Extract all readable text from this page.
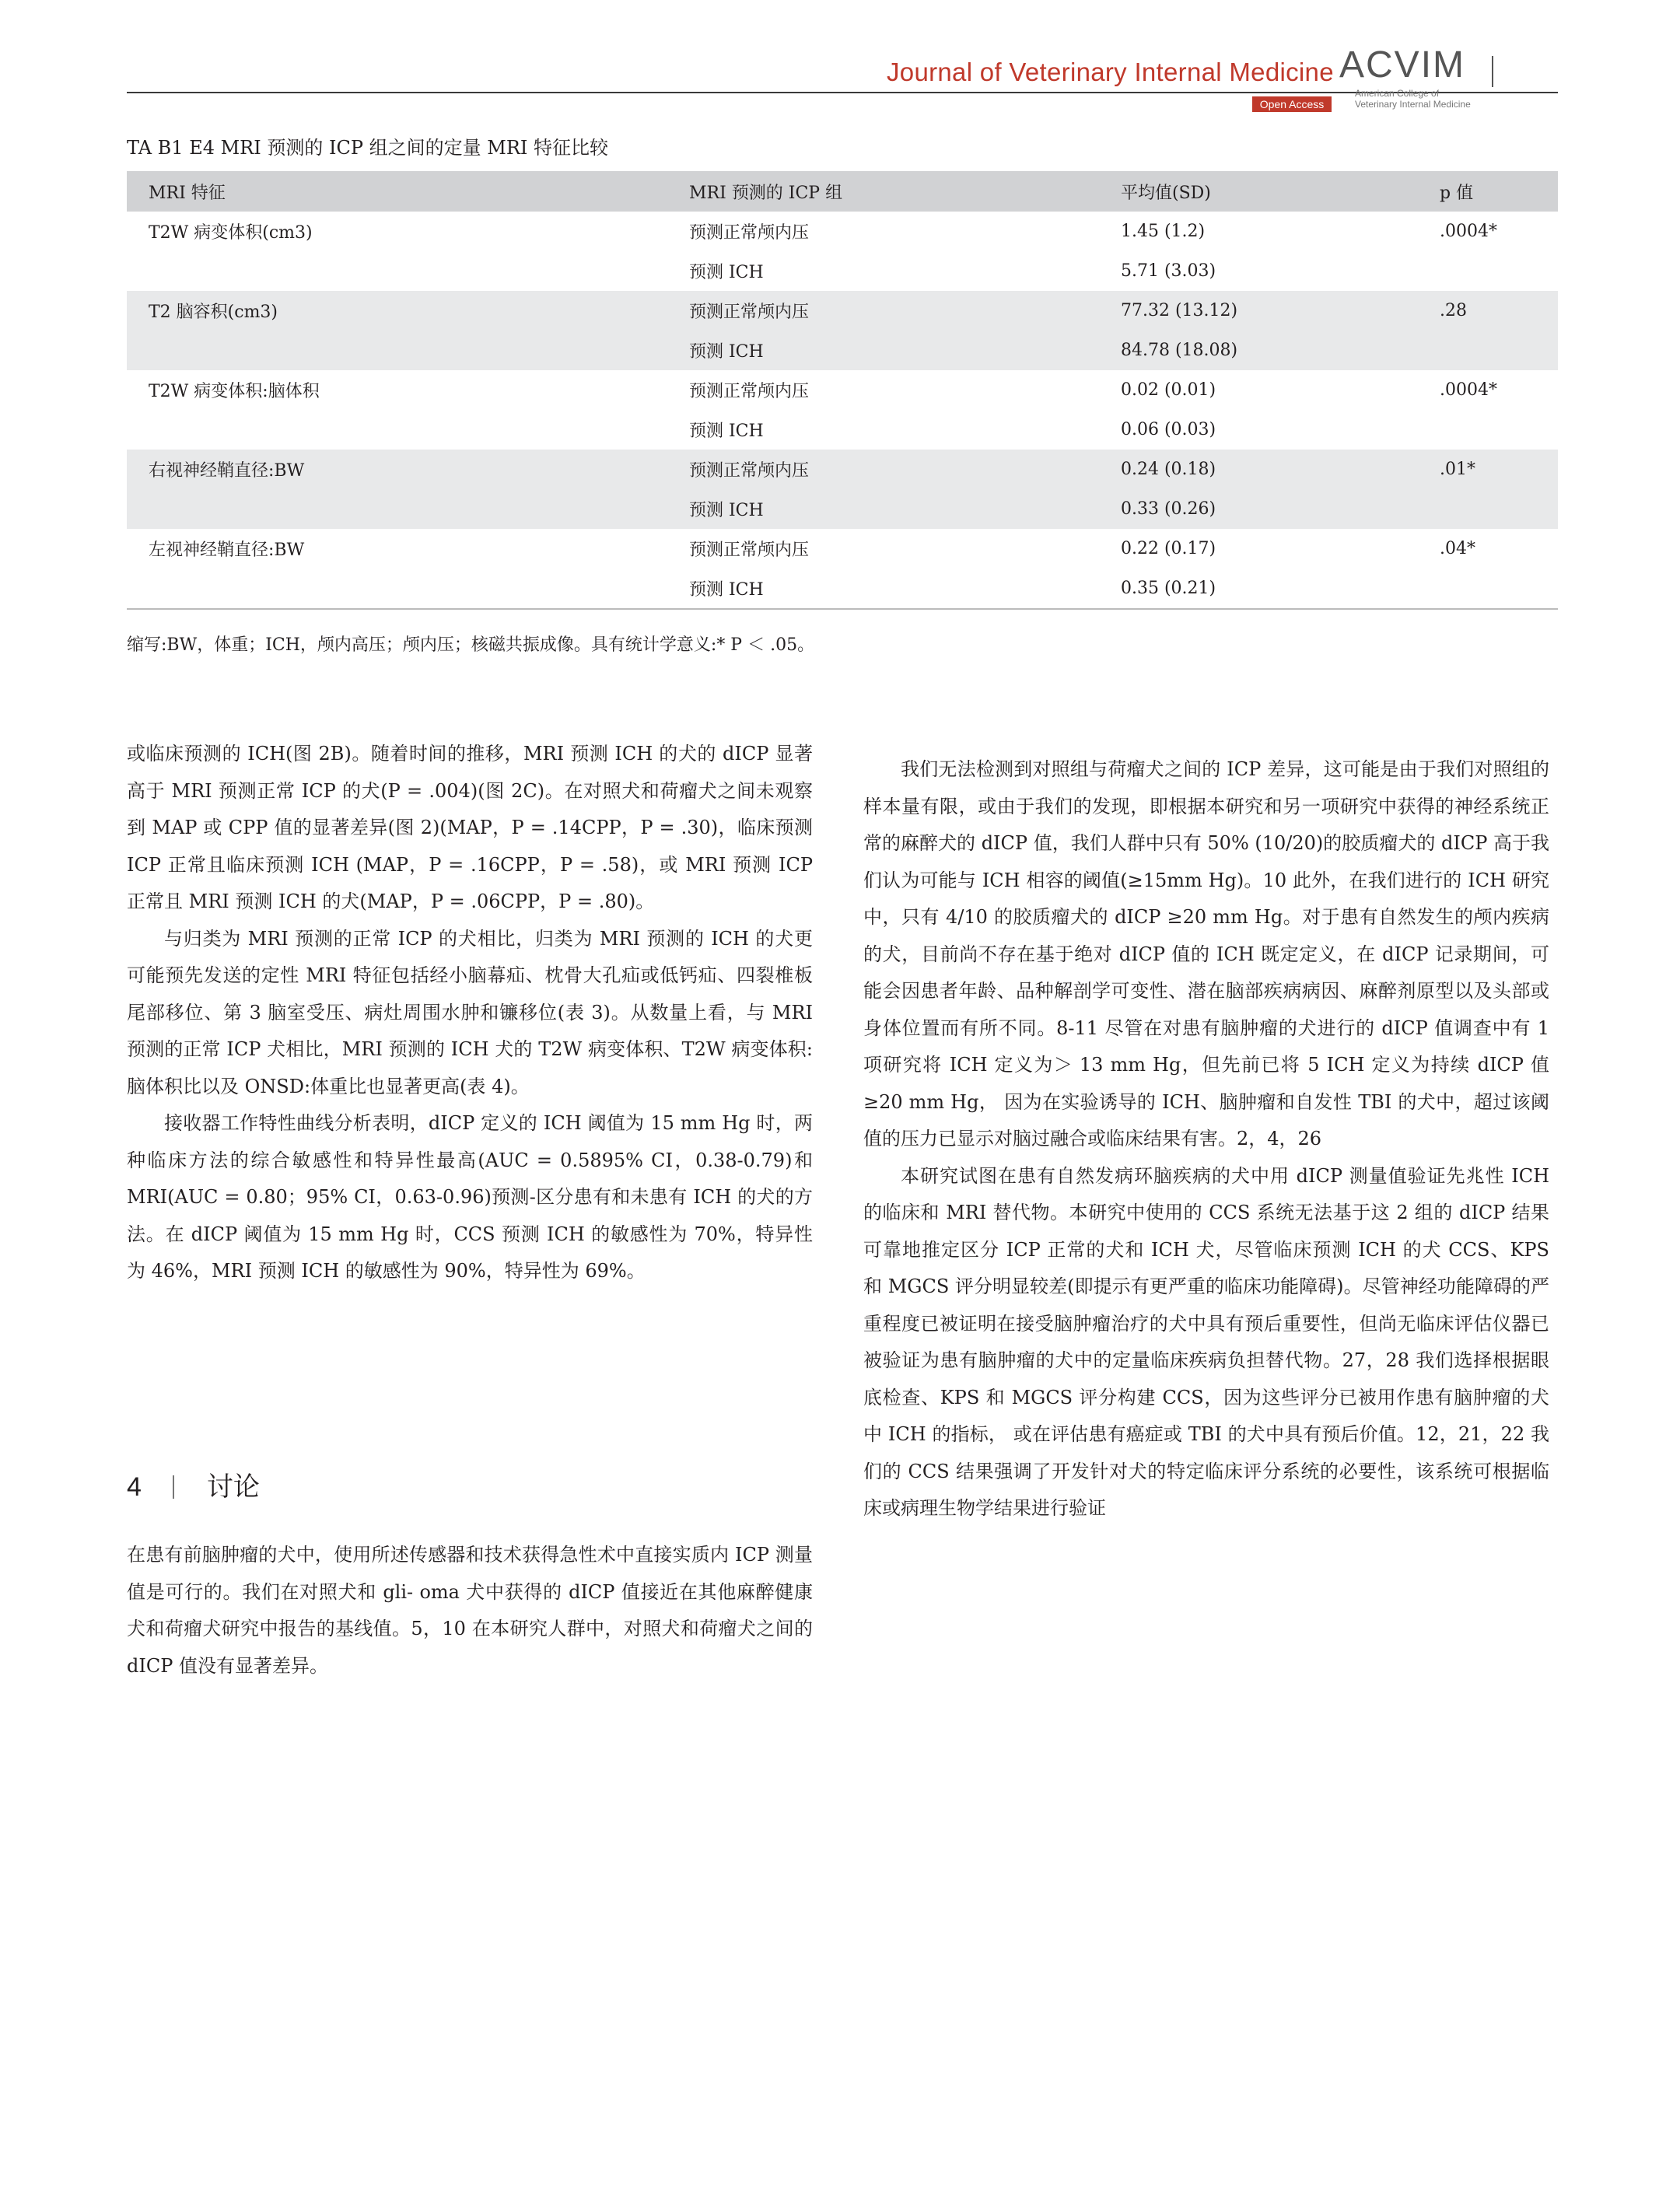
Journal of Veterinary Internal Medicine
Open Access
ACVIM
American College of Veterinary Internal Medicine
TA B1 E4 MRI 预测的 ICP 组之间的定量 MRI 特征比较
MRI 特征	MRI 预测的 ICP 组	平均值(SD)	p 值
T2W 病变体积(cm3)	预测正常颅内压	1.45 (1.2)	.0004*
	预测 ICH	5.71 (3.03)	
T2 脑容积(cm3)	预测正常颅内压	77.32 (13.12)	.28
	预测 ICH	84.78 (18.08)	
T2W 病变体积:脑体积	预测正常颅内压	0.02 (0.01)	.0004*
	预测 ICH	0.06 (0.03)	
右视神经鞘直径:BW	预测正常颅内压	0.24 (0.18)	.01*
	预测 ICH	0.33 (0.26)	
左视神经鞘直径:BW	预测正常颅内压	0.22 (0.17)	.04*
	预测 ICH	0.35 (0.21)	
缩写:BW，体重；ICH，颅内高压；颅内压；核磁共振成像。具有统计学意义:* P ＜ .05。

或临床预测的 ICH(图 2B)。随着时间的推移，MRI 预测 ICH 的犬的 dICP 显著高于 MRI 预测正常 ICP 的犬(P = .004)(图 2C)。在对照犬和荷瘤犬之间未观察到 MAP 或 CPP 值的显著差异(图 2)(MAP，P = .14CPP，P = .30)，临床预测 ICP 正常且临床预测 ICH (MAP，P = .16CPP，P = .58)，或 MRI 预测 ICP 正常且 MRI 预测 ICH 的犬(MAP，P = .06CPP，P = .80)。

与归类为 MRI 预测的正常 ICP 的犬相比，归类为 MRI 预测的 ICH 的犬更可能预先发送的定性 MRI 特征包括经小脑幕疝、枕骨大孔疝或低钙疝、四裂椎板尾部移位、第 3 脑室受压、病灶周围水肿和镰移位(表 3)。从数量上看，与 MRI 预测的正常 ICP 犬相比，MRI 预测的 ICH 犬的 T2W 病变体积、T2W 病变体积:脑体积比以及 ONSD:体重比也显著更高(表 4)。

接收器工作特性曲线分析表明，dICP 定义的 ICH 阈值为 15 mm Hg 时，两种临床方法的综合敏感性和特异性最高(AUC = 0.5895% CI，0.38-0.79)和 MRI(AUC = 0.80；95% CI，0.63-0.96)预测-区分患有和未患有 ICH 的犬的方法。在 dICP 阈值为 15 mm Hg 时，CCS 预测 ICH 的敏感性为 70%，特异性为 46%，MRI 预测 ICH 的敏感性为 90%，特异性为 69%。

4 讨论

在患有前脑肿瘤的犬中，使用所述传感器和技术获得急性术中直接实质内 ICP 测量值是可行的。我们在对照犬和 gli- oma 犬中获得的 dICP 值接近在其他麻醉健康犬和荷瘤犬研究中报告的基线值。5，10 在本研究人群中，对照犬和荷瘤犬之间的 dICP 值没有显著差异。

我们无法检测到对照组与荷瘤犬之间的 ICP 差异，这可能是由于我们对照组的样本量有限，或由于我们的发现，即根据本研究和另一项研究中获得的神经系统正常的麻醉犬的 dICP 值，我们人群中只有 50% (10/20)的胶质瘤犬的 dICP 高于我们认为可能与 ICH 相容的阈值(≥15mm Hg)。10 此外，在我们进行的 ICH 研究中，只有 4/10 的胶质瘤犬的 dICP ≥20 mm Hg。对于患有自然发生的颅内疾病的犬，目前尚不存在基于绝对 dICP 值的 ICH 既定定义，在 dICP 记录期间，可能会因患者年龄、品种解剖学可变性、潜在脑部疾病病因、麻醉剂原型以及头部或身体位置而有所不同。8-11 尽管在对患有脑肿瘤的犬进行的 dICP 值调查中有 1 项研究将 ICH 定义为＞ 13 mm Hg，但先前已将 5 ICH 定义为持续 dICP 值≥20 mm Hg， 因为在实验诱导的 ICH、脑肿瘤和自发性 TBI 的犬中，超过该阈值的压力已显示对脑过融合或临床结果有害。2，4，26

本研究试图在患有自然发病环脑疾病的犬中用 dICP 测量值验证先兆性 ICH 的临床和 MRI 替代物。本研究中使用的 CCS 系统无法基于这 2 组的 dICP 结果可靠地推定区分 ICP 正常的犬和 ICH 犬，尽管临床预测 ICH 的犬 CCS、KPS 和 MGCS 评分明显较差(即提示有更严重的临床功能障碍)。尽管神经功能障碍的严重程度已被证明在接受脑肿瘤治疗的犬中具有预后重要性，但尚无临床评估仪器已被验证为患有脑肿瘤的犬中的定量临床疾病负担替代物。27，28 我们选择根据眼底检查、KPS 和 MGCS 评分构建 CCS，因为这些评分已被用作患有脑肿瘤的犬中 ICH 的指标， 或在评估患有癌症或 TBI 的犬中具有预后价值。12，21，22 我们的 CCS 结果强调了开发针对犬的特定临床评分系统的必要性，该系统可根据临床或病理生物学结果进行验证
